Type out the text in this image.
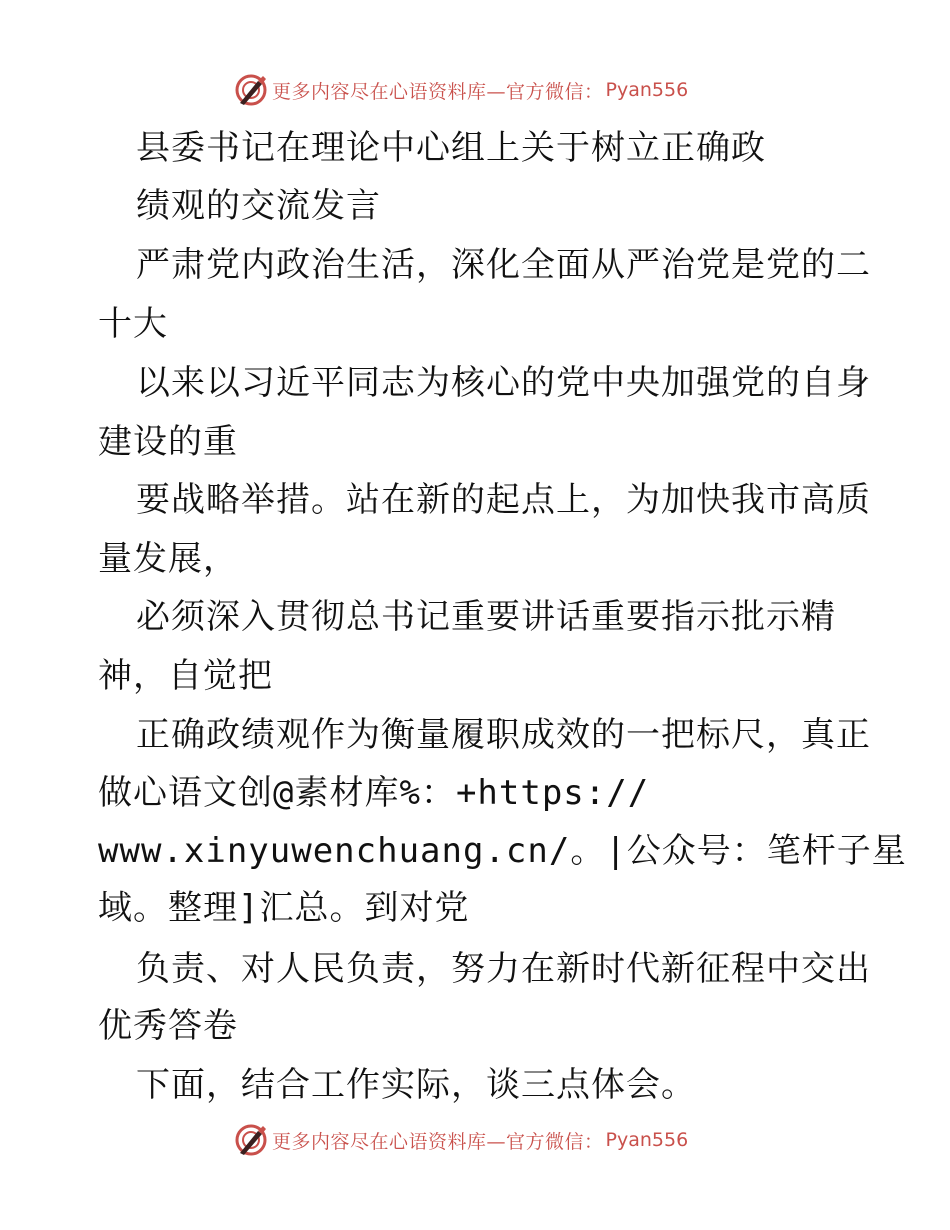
更多内容尽在心语资料库—官方微信： Pyan556
县委书记在理论中心组上关于树立正确政
绩观的交流发言
严肃党内政治生活，深化全面从严治党是党的二
十大
以来以习近平同志为核心的党中央加强党的自身
建设的重
要战略举措。站在新的起点上，为加快我市高质
量发展，
必须深入贯彻总书记重要讲话重要指示批示精
神，自觉把
正确政绩观作为衡量履职成效的一把标尺，真正
做心语文创@素材库%：+https://
www.xinyuwenchuang.cn/。|公众号：笔杆子星
域。整理]汇总。到对党
负责、对人民负责，努力在新时代新征程中交出
优秀答卷
下面，结合工作实际，谈三点体会。
更多内容尽在心语资料库—官方微信： Pyan556
